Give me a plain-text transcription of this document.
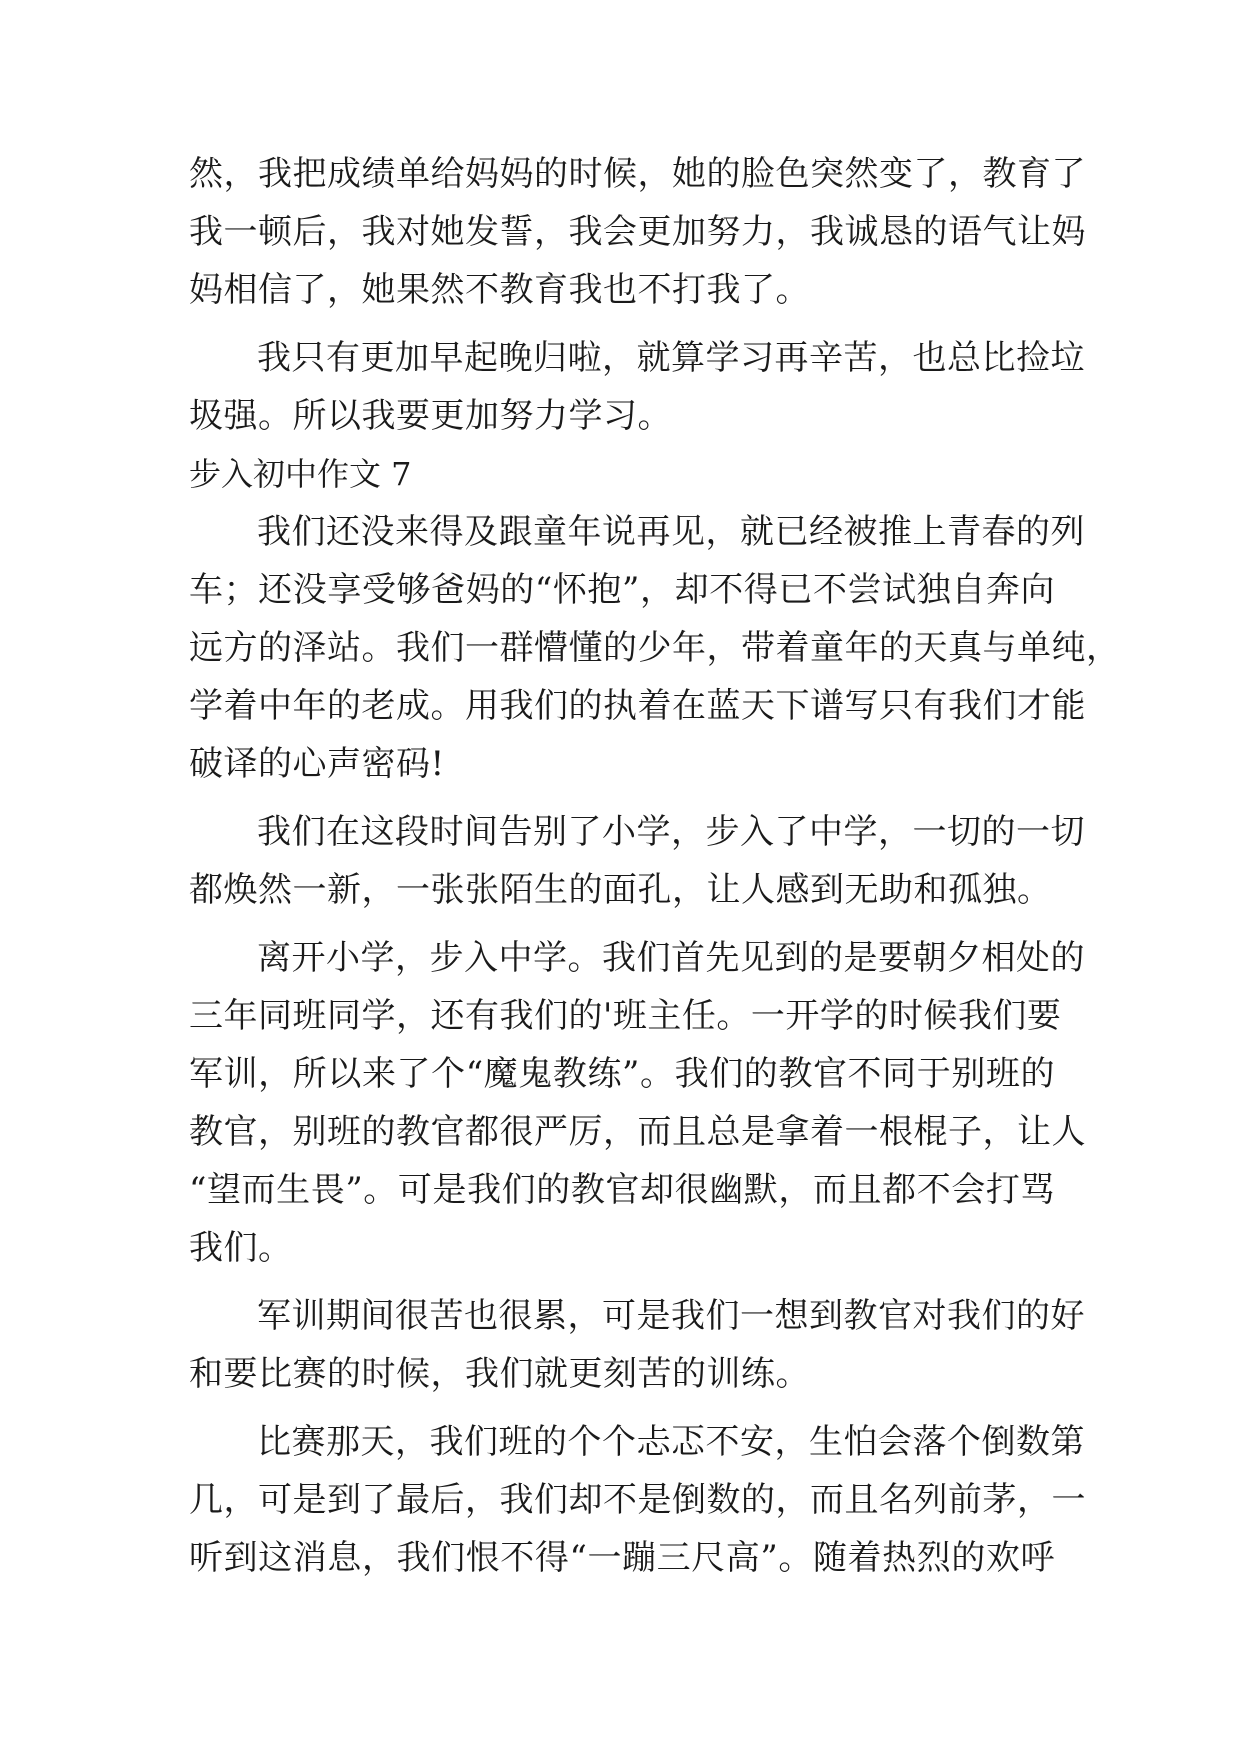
然，我把成绩单给妈妈的时候，她的脸色突然变了，教育了
我一顿后，我对她发誓，我会更加努力，我诚恳的语气让妈
妈相信了，她果然不教育我也不打我了。
我只有更加早起晚归啦，就算学习再辛苦，也总比捡垃
圾强。所以我要更加努力学习。
步入初中作文 7
我们还没来得及跟童年说再见，就已经被推上青春的列
车；还没享受够爸妈的“怀抱”，却不得已不尝试独自奔向
远方的泽站。我们一群懵懂的少年，带着童年的天真与单纯，
学着中年的老成。用我们的执着在蓝天下谱写只有我们才能
破译的心声密码!
我们在这段时间告别了小学，步入了中学，一切的一切
都焕然一新，一张张陌生的面孔，让人感到无助和孤独。
离开小学，步入中学。我们首先见到的是要朝夕相处的
三年同班同学，还有我们的'班主任。一开学的时候我们要
军训，所以来了个“魔鬼教练”。我们的教官不同于别班的
教官，别班的教官都很严厉，而且总是拿着一根棍子，让人
“望而生畏”。可是我们的教官却很幽默，而且都不会打骂
我们。
军训期间很苦也很累，可是我们一想到教官对我们的好
和要比赛的时候，我们就更刻苦的训练。
比赛那天，我们班的个个忐忑不安，生怕会落个倒数第
几，可是到了最后，我们却不是倒数的，而且名列前茅，一
听到这消息，我们恨不得“一蹦三尺高”。随着热烈的欢呼
